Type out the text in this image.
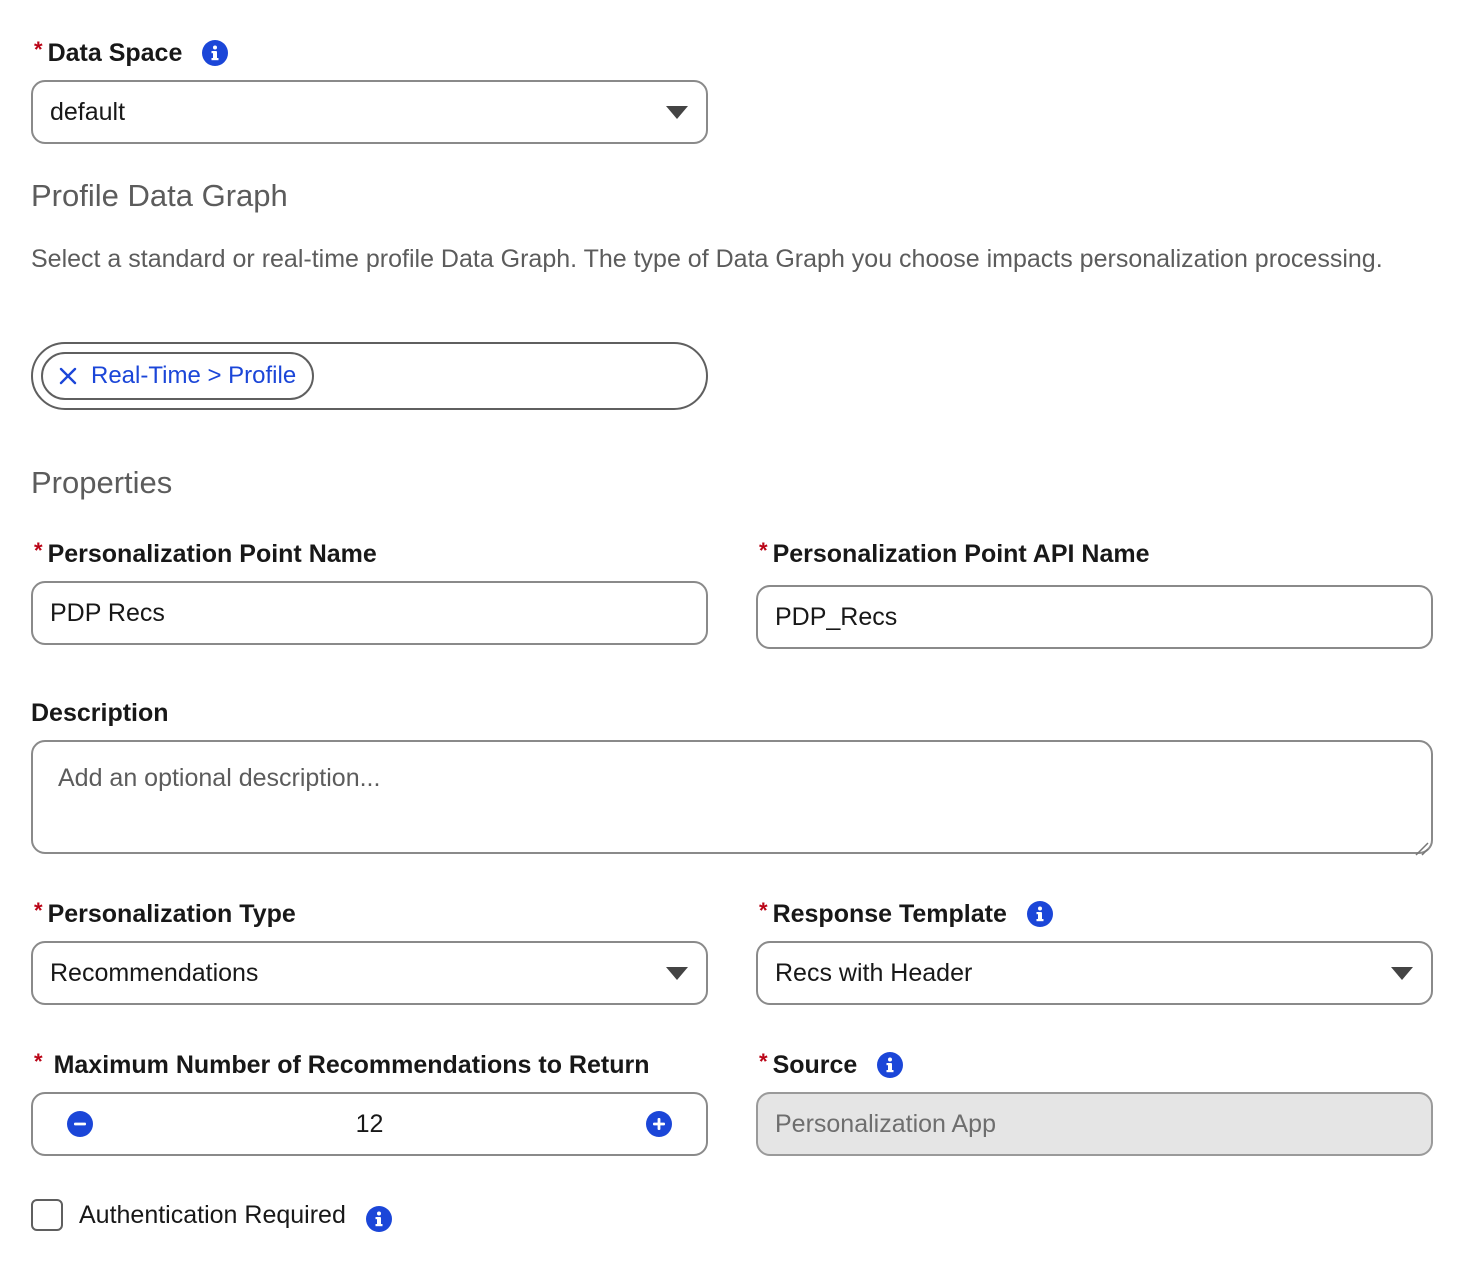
* Data Space
default
Profile Data Graph
Select a standard or real-time profile Data Graph. The type of Data Graph you choose impacts personalization processing.
Real-Time > Profile
Properties
* Personalization Point Name
PDP Recs
* Personalization Point API Name
PDP_Recs
Description
Add an optional description...
* Personalization Type
Recommendations
* Response Template
Recs with Header
* Maximum Number of Recommendations to Return
12
* Source
Personalization App
Authentication Required
